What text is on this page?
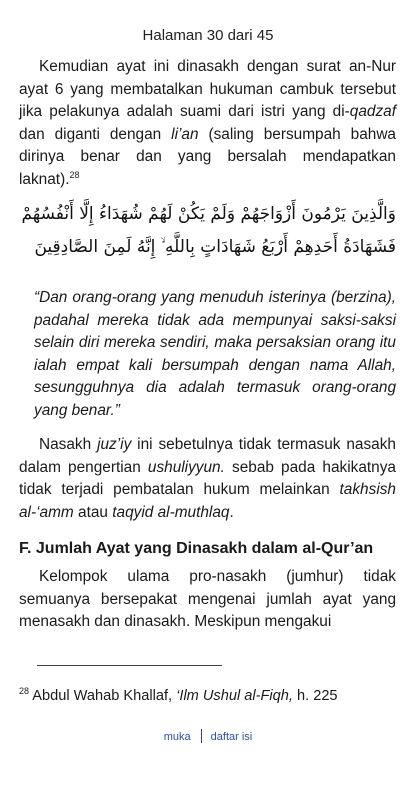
Halaman 30 dari 45

Kemudian ayat ini dinasakh dengan surat an-Nur ayat 6 yang membatalkan hukuman cambuk tersebut jika pelakunya adalah suami dari istri yang di-qadzaf dan diganti dengan li’an (saling bersumpah bahwa dirinya benar dan yang bersalah mendapatkan laknat).$^{28}$

وَالَّذِينَ يَرْمُونَ أَزْوَاجَهُمْ وَلَمْ يَكُنْ لَهُمْ شُهَدَاءُ إِلَّا أَنْفُسُهُمْ
فَشَهَادَةُ أَحَدِهِمْ أَرْبَعُ شَهَادَاتٍ بِاللَّهِ ۙ إِنَّهُ لَمِنَ الصَّادِقِينَ

“Dan orang-orang yang menuduh isterinya (berzina), padahal mereka tidak ada mempunyai saksi-saksi selain diri mereka sendiri, maka persaksian orang itu ialah empat kali bersumpah dengan nama Allah, sesungguhnya dia adalah termasuk orang-orang yang benar.”

Nasakh juz’iy ini sebetulnya tidak termasuk nasakh dalam pengertian ushuliyyun. sebab pada hakikatnya tidak terjadi pembatalan hukum melainkan takhsish al-‘amm atau taqyid al-muthlaq.

F. Jumlah Ayat yang Dinasakh dalam al-Qur’an

Kelompok ulama pro-nasakh (jumhur) tidak semuanya bersepakat mengenai jumlah ayat yang menasakh dan dinasakh. Meskipun mengakui

$^{28}$ Abdul Wahab Khallaf, ‘Ilm Ushul al-Fiqh, h. 225

muka daftar isi
